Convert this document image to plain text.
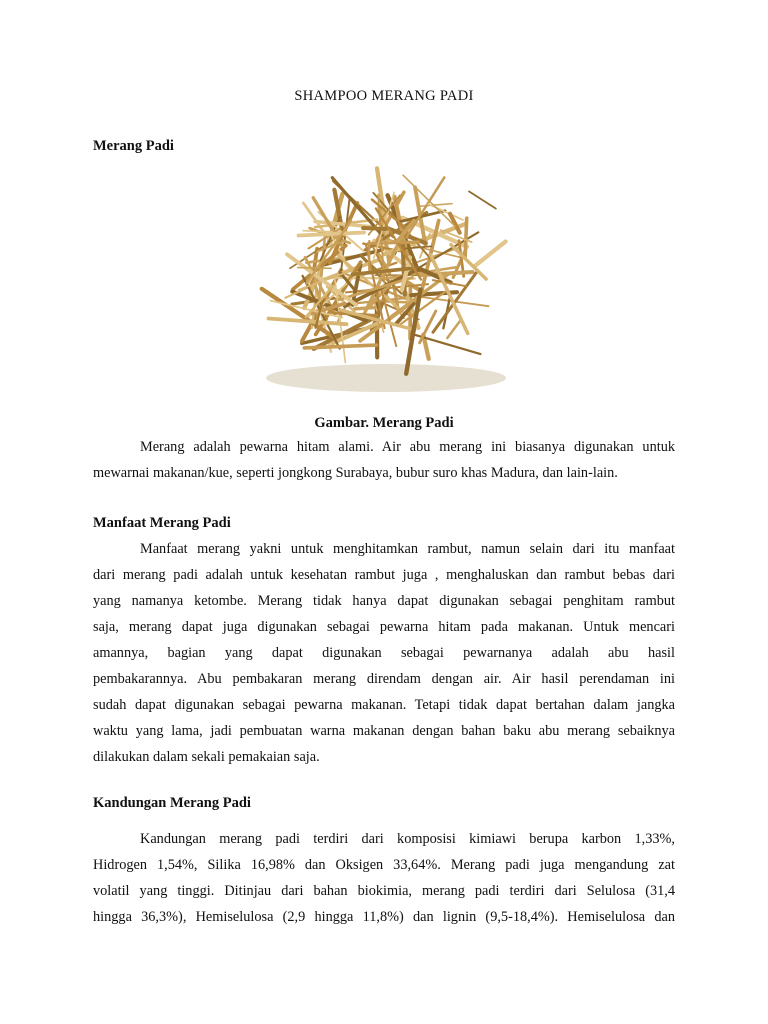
SHAMPOO MERANG PADI
Merang Padi
Gambar. Merang Padi

Merang adalah pewarna hitam alami. Air abu merang ini biasanya digunakan untuk
mewarnai makanan/kue, seperti jongkong Surabaya, bubur suro khas Madura, dan lain-lain.

Manfaat Merang Padi

Manfaat merang yakni untuk menghitamkan rambut, namun selain dari itu manfaat
dari merang padi adalah untuk kesehatan rambut juga , menghaluskan dan rambut bebas dari
yang namanya ketombe. Merang tidak hanya dapat digunakan sebagai penghitam rambut
saja, merang dapat juga digunakan sebagai pewarna hitam pada makanan. Untuk mencari
amannya, bagian yang dapat digunakan sebagai pewarnanya adalah abu hasil
pembakarannya. Abu pembakaran merang direndam dengan air. Air hasil perendaman ini
sudah dapat digunakan sebagai pewarna makanan. Tetapi tidak dapat bertahan dalam jangka
waktu yang lama, jadi pembuatan warna makanan dengan bahan baku abu merang sebaiknya
dilakukan dalam sekali pemakaian saja.

Kandungan Merang Padi

Kandungan merang padi terdiri dari komposisi kimiawi berupa karbon 1,33%,
Hidrogen 1,54%, Silika 16,98% dan Oksigen 33,64%. Merang padi juga mengandung zat
volatil yang tinggi. Ditinjau dari bahan biokimia, merang padi terdiri dari Selulosa (31,4
hingga 36,3%), Hemiselulosa (2,9 hingga 11,8%) dan lignin (9,5-18,4%). Hemiselulosa dan
